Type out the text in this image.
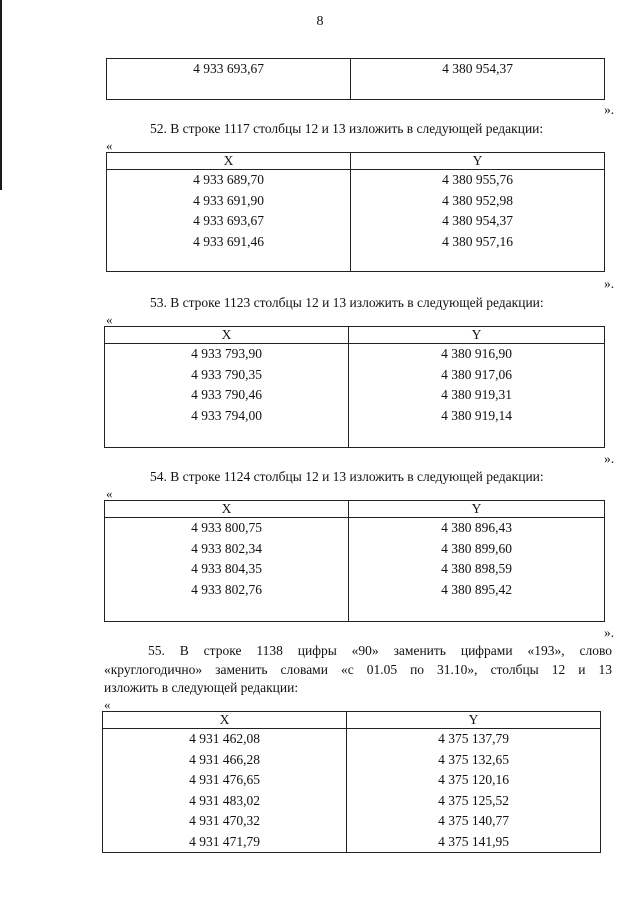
8
4 933 693,67	4 380 954,37

».
52. В строке 1117 столбцы 12 и 13 изложить в следующей редакции:
«
X	Y
4 933 689,70	4 380 955,76
4 933 691,90	4 380 952,98
4 933 693,67	4 380 954,37
4 933 691,46	4 380 957,16

».
53. В строке 1123 столбцы 12 и 13 изложить в следующей редакции:
«
X	Y
4 933 793,90	4 380 916,90
4 933 790,35	4 380 917,06
4 933 790,46	4 380 919,31
4 933 794,00	4 380 919,14

».
54. В строке 1124 столбцы 12 и 13 изложить в следующей редакции:
«
X	Y
4 933 800,75	4 380 896,43
4 933 802,34	4 380 899,60
4 933 804,35	4 380 898,59
4 933 802,76	4 380 895,42

».
55. В строке 1138 цифры «90» заменить цифрами «193», слово
«круглогодично» заменить словами «с 01.05 по 31.10», столбцы 12 и 13
изложить в следующей редакции:
«
X	Y
4 931 462,08	4 375 137,79
4 931 466,28	4 375 132,65
4 931 476,65	4 375 120,16
4 931 483,02	4 375 125,52
4 931 470,32	4 375 140,77
4 931 471,79	4 375 141,95
